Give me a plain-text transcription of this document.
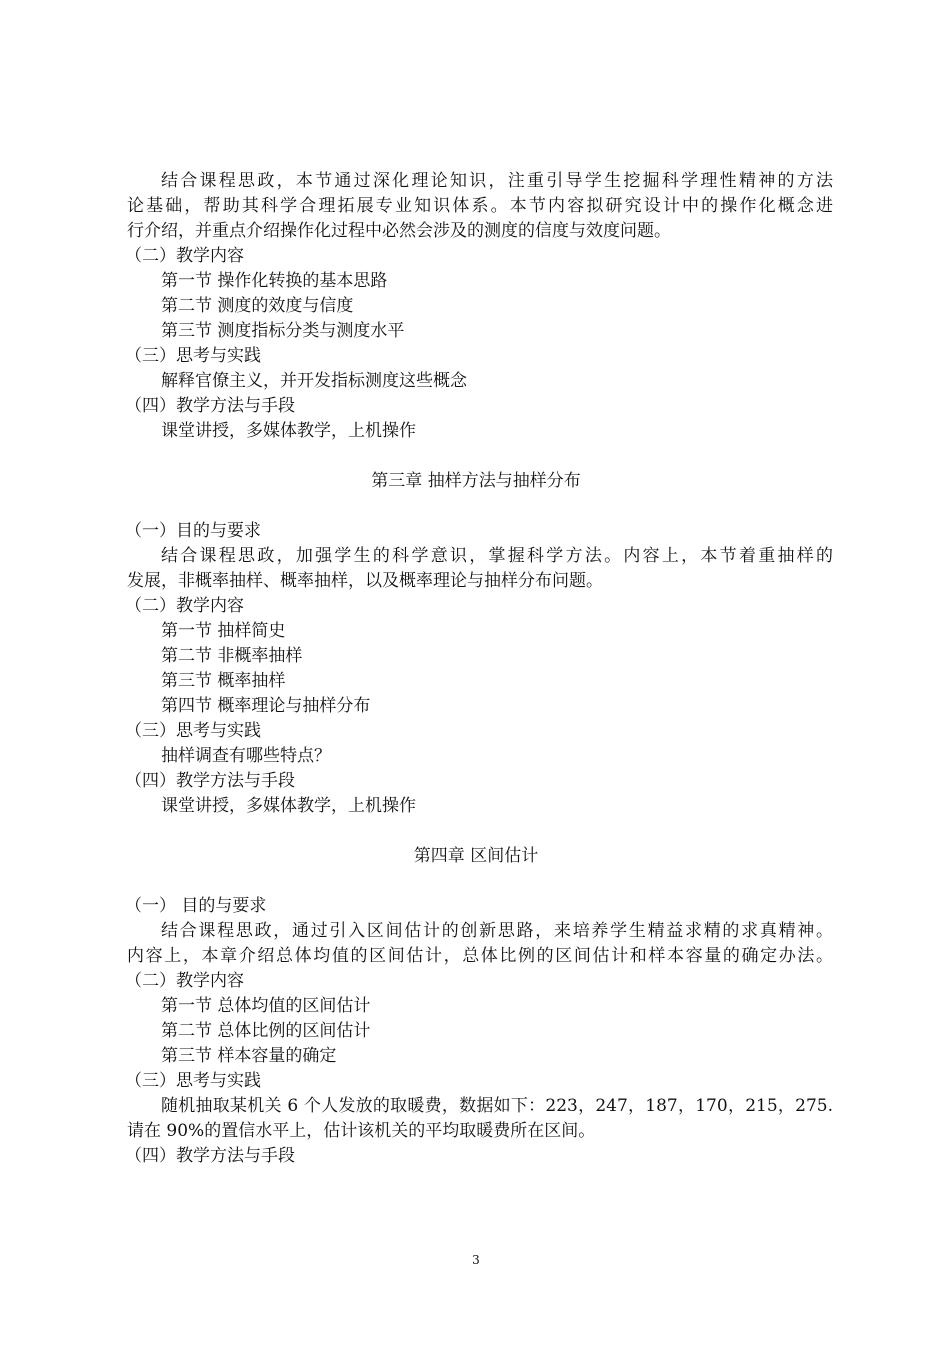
结合课程思政，本节通过深化理论知识，注重引导学生挖掘科学理性精神的方法
论基础，帮助其科学合理拓展专业知识体系。本节内容拟研究设计中的操作化概念进
行介绍，并重点介绍操作化过程中必然会涉及的测度的信度与效度问题。
（二）教学内容
第一节 操作化转换的基本思路
第二节 测度的效度与信度
第三节 测度指标分类与测度水平
（三）思考与实践
解释官僚主义，并开发指标测度这些概念
（四）教学方法与手段
课堂讲授，多媒体教学，上机操作
第三章 抽样方法与抽样分布
（一）目的与要求
结合课程思政，加强学生的科学意识，掌握科学方法。内容上，本节着重抽样的
发展，非概率抽样、概率抽样，以及概率理论与抽样分布问题。
（二）教学内容
第一节 抽样简史
第二节 非概率抽样
第三节 概率抽样
第四节 概率理论与抽样分布
（三）思考与实践
抽样调查有哪些特点？
（四）教学方法与手段
课堂讲授，多媒体教学，上机操作
第四章 区间估计
（一） 目的与要求
结合课程思政，通过引入区间估计的创新思路，来培养学生精益求精的求真精神。
内容上，本章介绍总体均值的区间估计，总体比例的区间估计和样本容量的确定办法。
（二）教学内容
第一节 总体均值的区间估计
第二节 总体比例的区间估计
第三节 样本容量的确定
（三）思考与实践
随机抽取某机关 6 个人发放的取暖费，数据如下：223，247，187，170，215，275.
请在 90%的置信水平上，估计该机关的平均取暖费所在区间。
（四）教学方法与手段
3
